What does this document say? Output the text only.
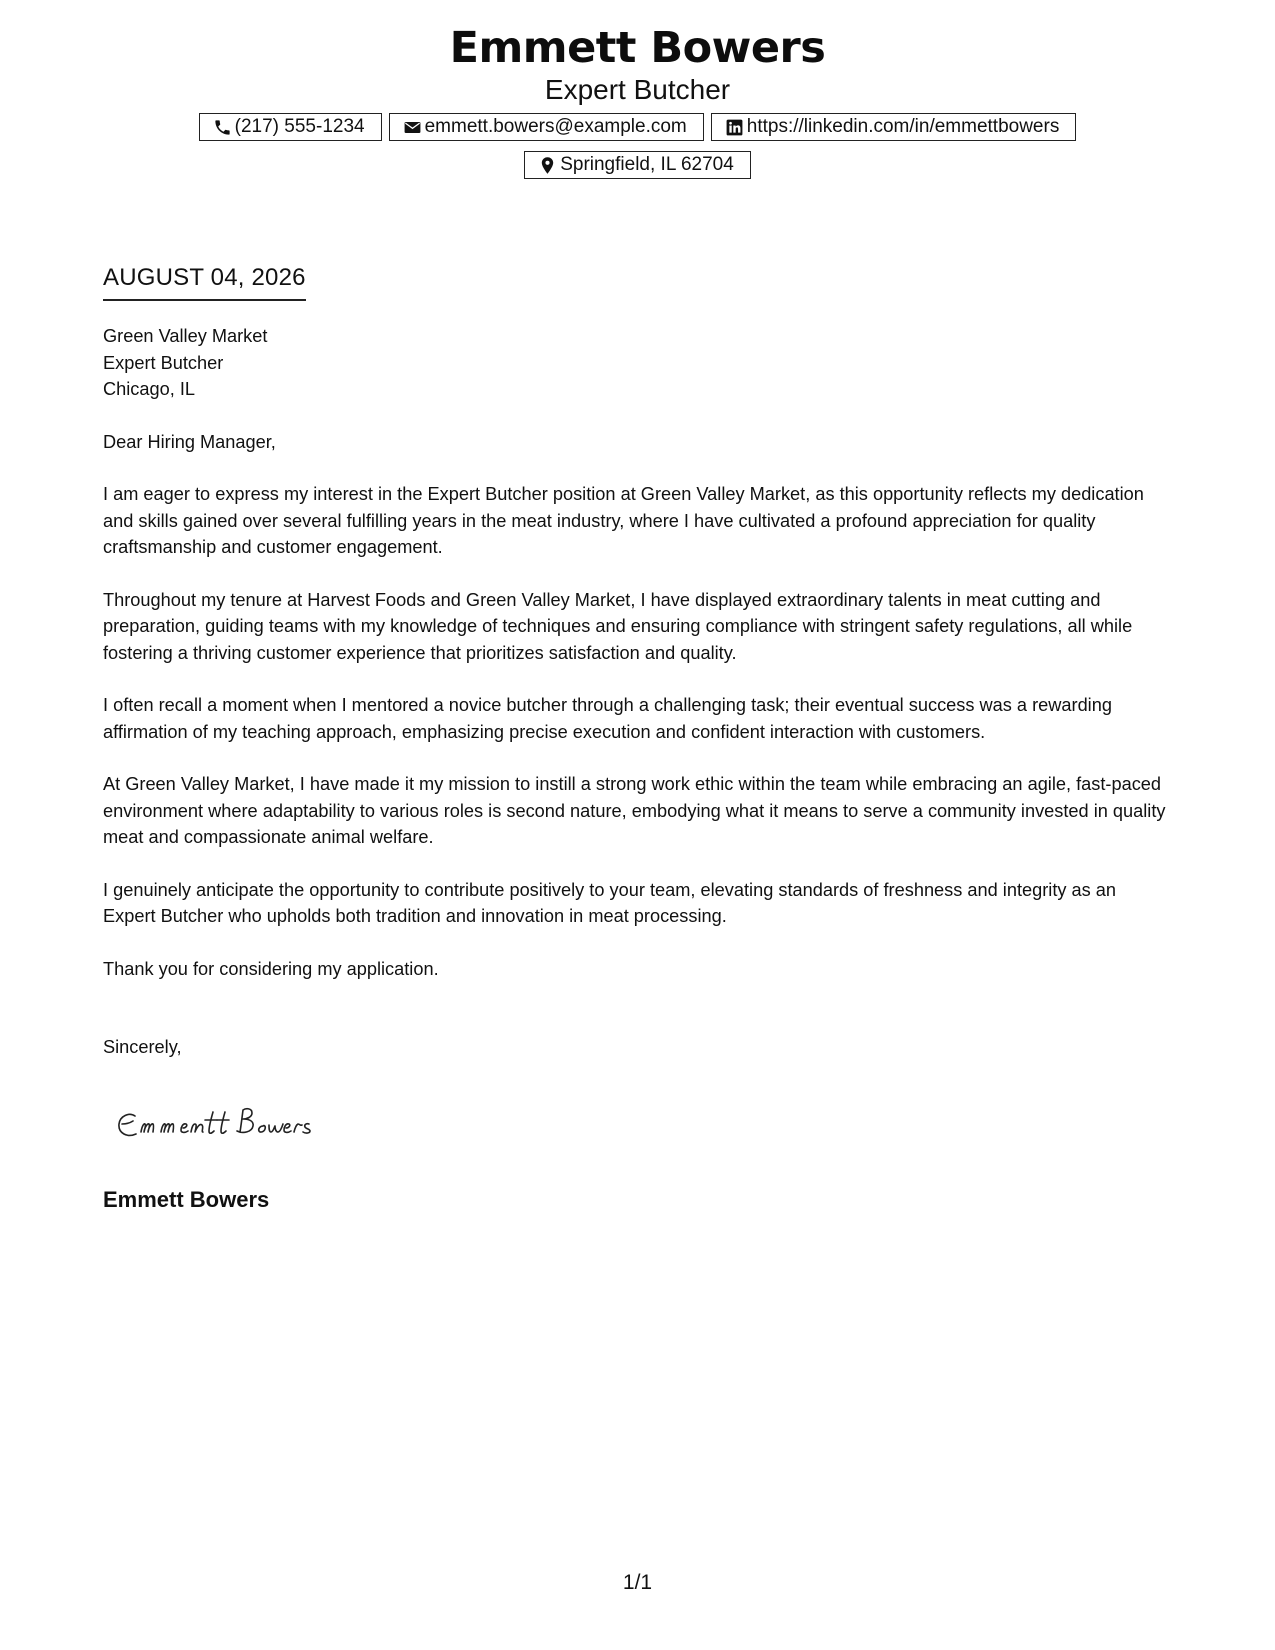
Emmett Bowers
Expert Butcher
(217) 555-1234	emmett.bowers@example.com	https://linkedin.com/in/emmettbowers
Springfield, IL 62704
AUGUST 04, 2026
Green Valley Market
Expert Butcher
Chicago, IL
Dear Hiring Manager,
I am eager to express my interest in the Expert Butcher position at Green Valley Market, as this opportunity reflects my dedication and skills gained over several fulfilling years in the meat industry, where I have cultivated a profound appreciation for quality craftsmanship and customer engagement.
Throughout my tenure at Harvest Foods and Green Valley Market, I have displayed extraordinary talents in meat cutting and preparation, guiding teams with my knowledge of techniques and ensuring compliance with stringent safety regulations, all while fostering a thriving customer experience that prioritizes satisfaction and quality.
I often recall a moment when I mentored a novice butcher through a challenging task; their eventual success was a rewarding affirmation of my teaching approach, emphasizing precise execution and confident interaction with customers.
At Green Valley Market, I have made it my mission to instill a strong work ethic within the team while embracing an agile, fast-paced environment where adaptability to various roles is second nature, embodying what it means to serve a community invested in quality meat and compassionate animal welfare.
I genuinely anticipate the opportunity to contribute positively to your team, elevating standards of freshness and integrity as an Expert Butcher who upholds both tradition and innovation in meat processing.
Thank you for considering my application.
Sincerely,
Emmett Bowers
1/1
